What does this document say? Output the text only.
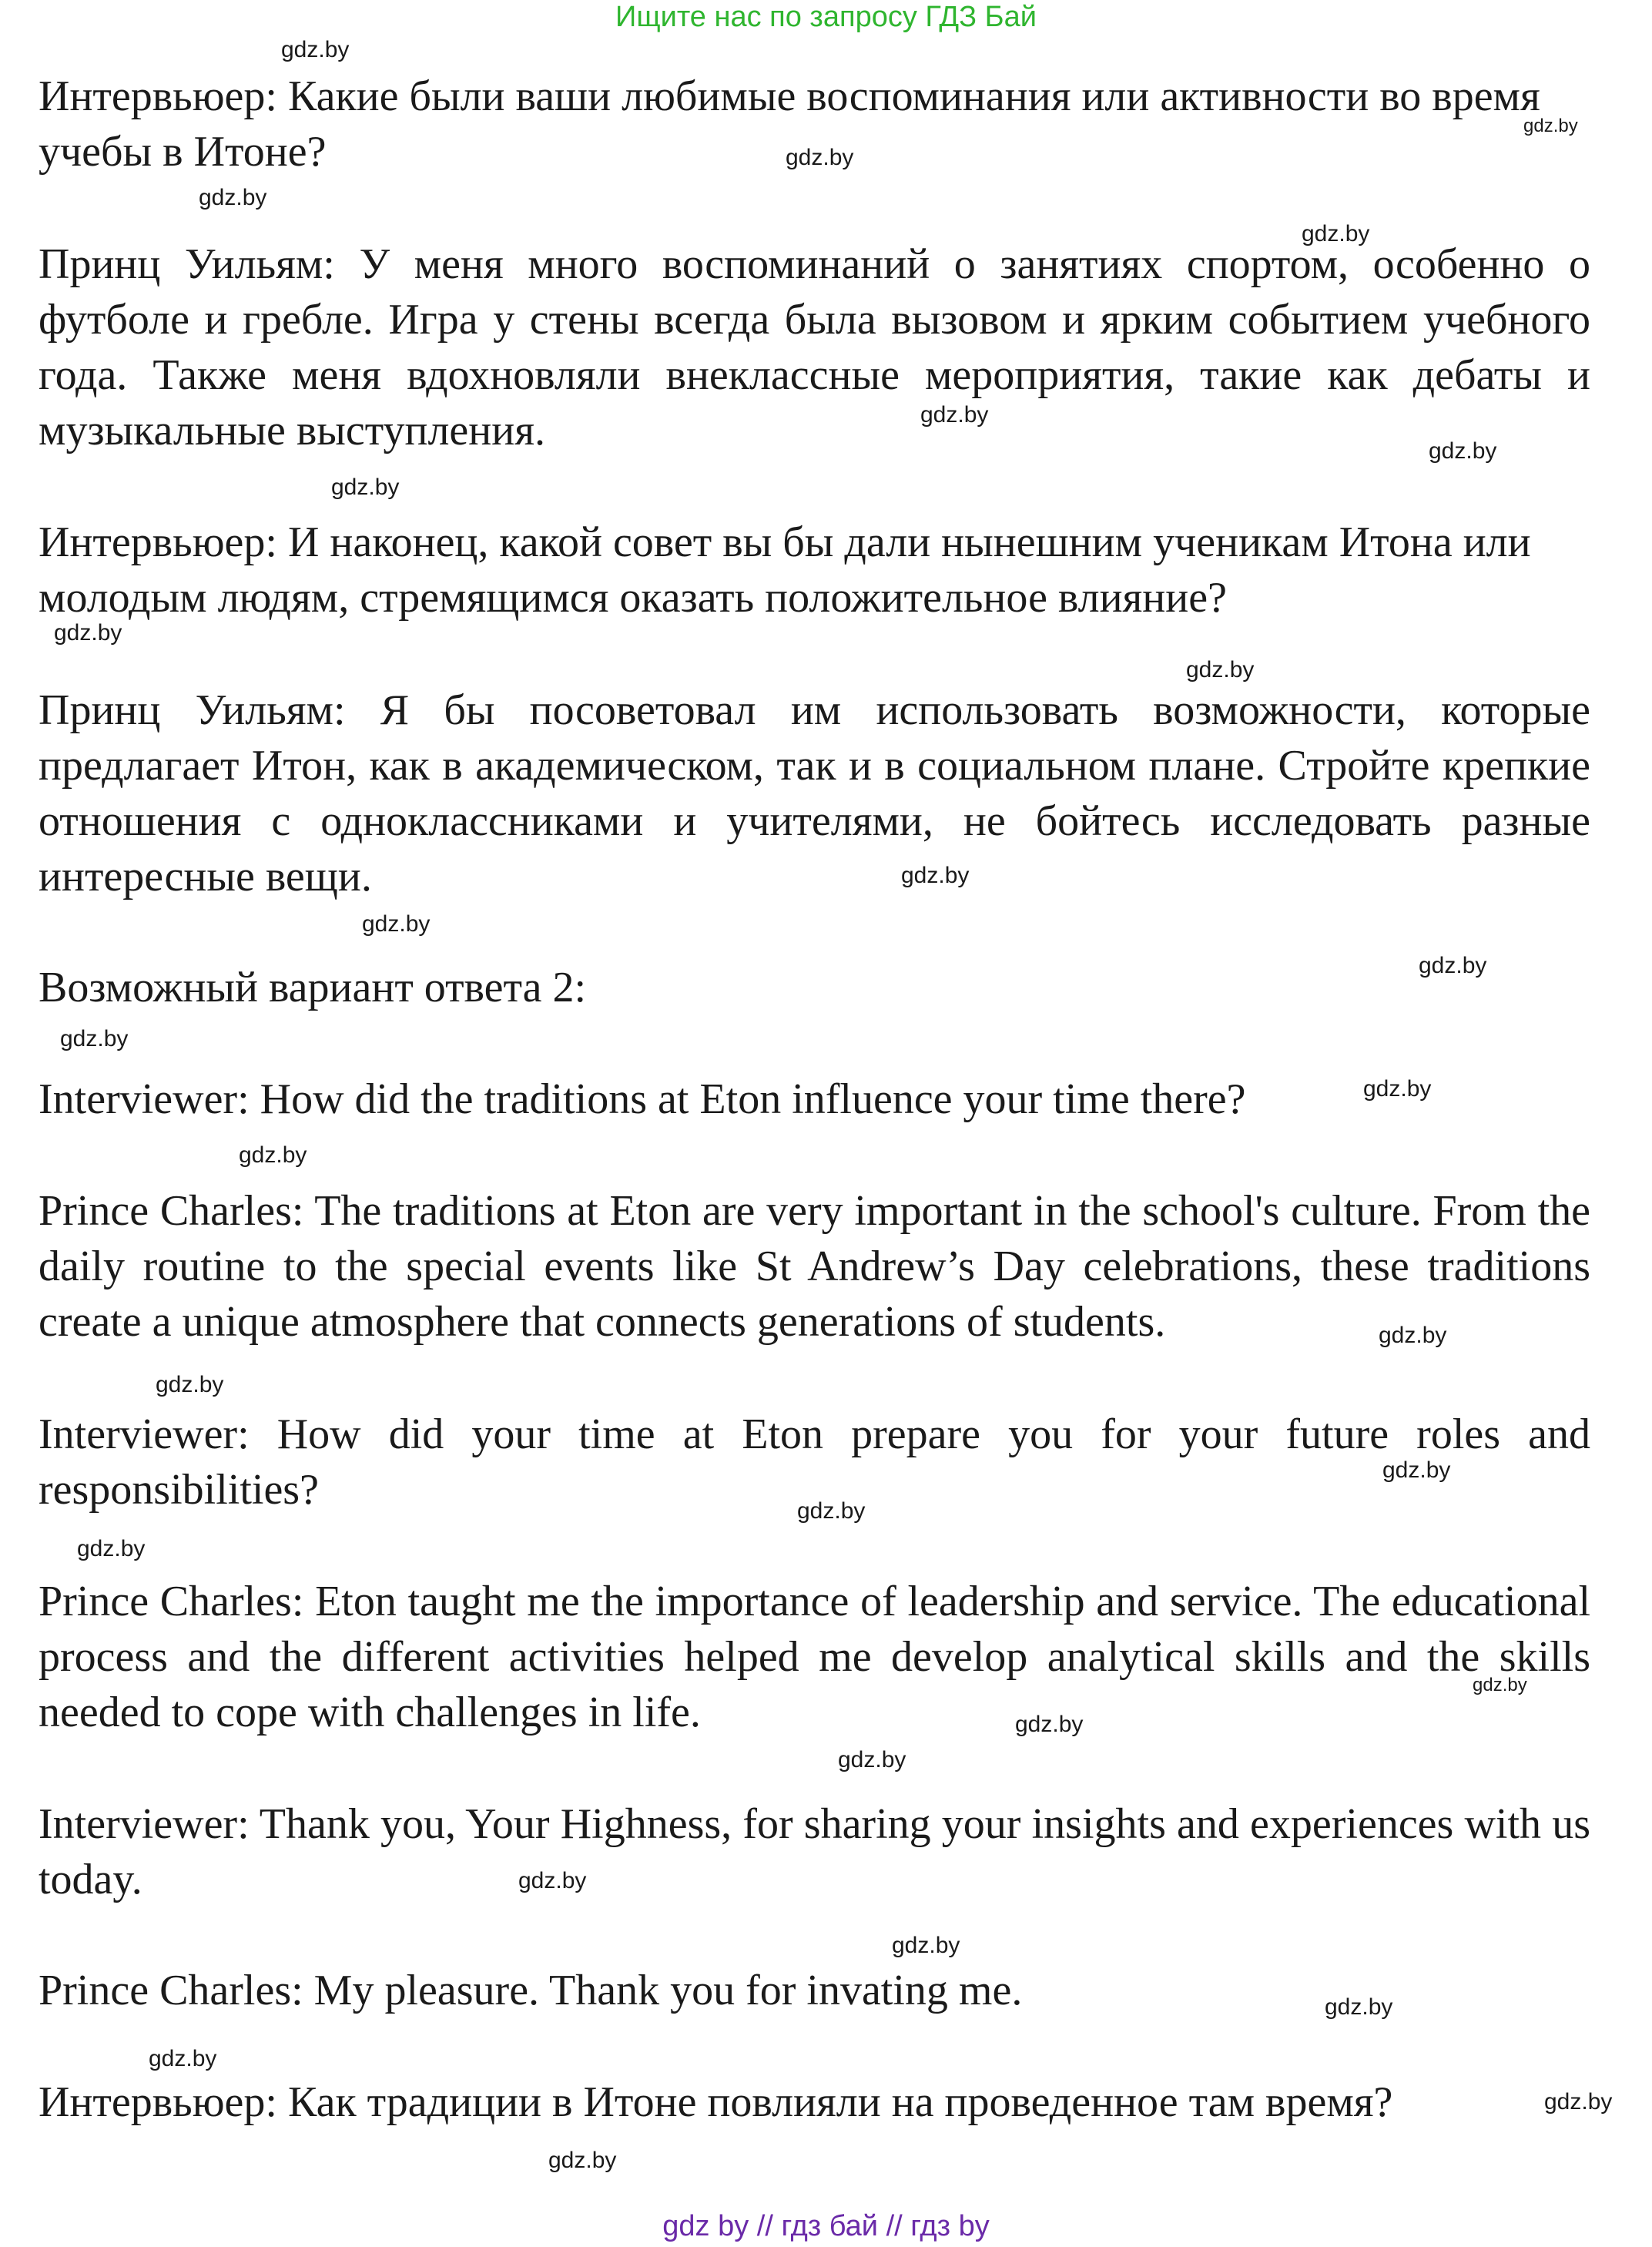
Ищите нас по запросу ГДЗ Бай

Интервьюер: Какие были ваши любимые воспоминания или активности во время учебы в Итоне?

Принц Уильям: У меня много воспоминаний о занятиях спортом, особенно о футболе и гребле. Игра у стены всегда была вызовом и ярким событием учебного года. Также меня вдохновляли внеклассные мероприятия, такие как дебаты и музыкальные выступления.

Интервьюер: И наконец, какой совет вы бы дали нынешним ученикам Итона или молодым людям, стремящимся оказать положительное влияние?

Принц Уильям: Я бы посоветовал им использовать возможности, которые предлагает Итон, как в академическом, так и в социальном плане. Стройте крепкие отношения с одноклассниками и учителями, не бойтесь исследовать разные интересные вещи.

Возможный вариант ответа 2:

Interviewer: How did the traditions at Eton influence your time there?

Prince Charles: The traditions at Eton are very important in the school's culture. From the daily routine to the special events like St Andrew’s Day celebrations, these traditions create a unique atmosphere that connects generations of students.

Interviewer: How did your time at Eton prepare you for your future roles and responsibilities?

Prince Charles: Eton taught me the importance of leadership and service. The educational process and the different activities helped me develop analytical skills and the skills needed to cope with challenges in life.

Interviewer: Thank you, Your Highness, for sharing your insights and experiences with us today.

Prince Charles: My pleasure. Thank you for invating me.

Интервьюер: Как традиции в Итоне повлияли на проведенное там время?

gdz.by
gdz.by
gdz.by
gdz.by
gdz.by
gdz.by
gdz.by
gdz.by
gdz.by
gdz.by
gdz.by
gdz.by
gdz.by
gdz.by
gdz.by
gdz.by
gdz.by
gdz.by
gdz.by
gdz.by
gdz.by
gdz.by
gdz.by
gdz.by
gdz.by
gdz.by
gdz.by
gdz.by
gdz.by
gdz.by
gdz by // гдз бай // гдз by
